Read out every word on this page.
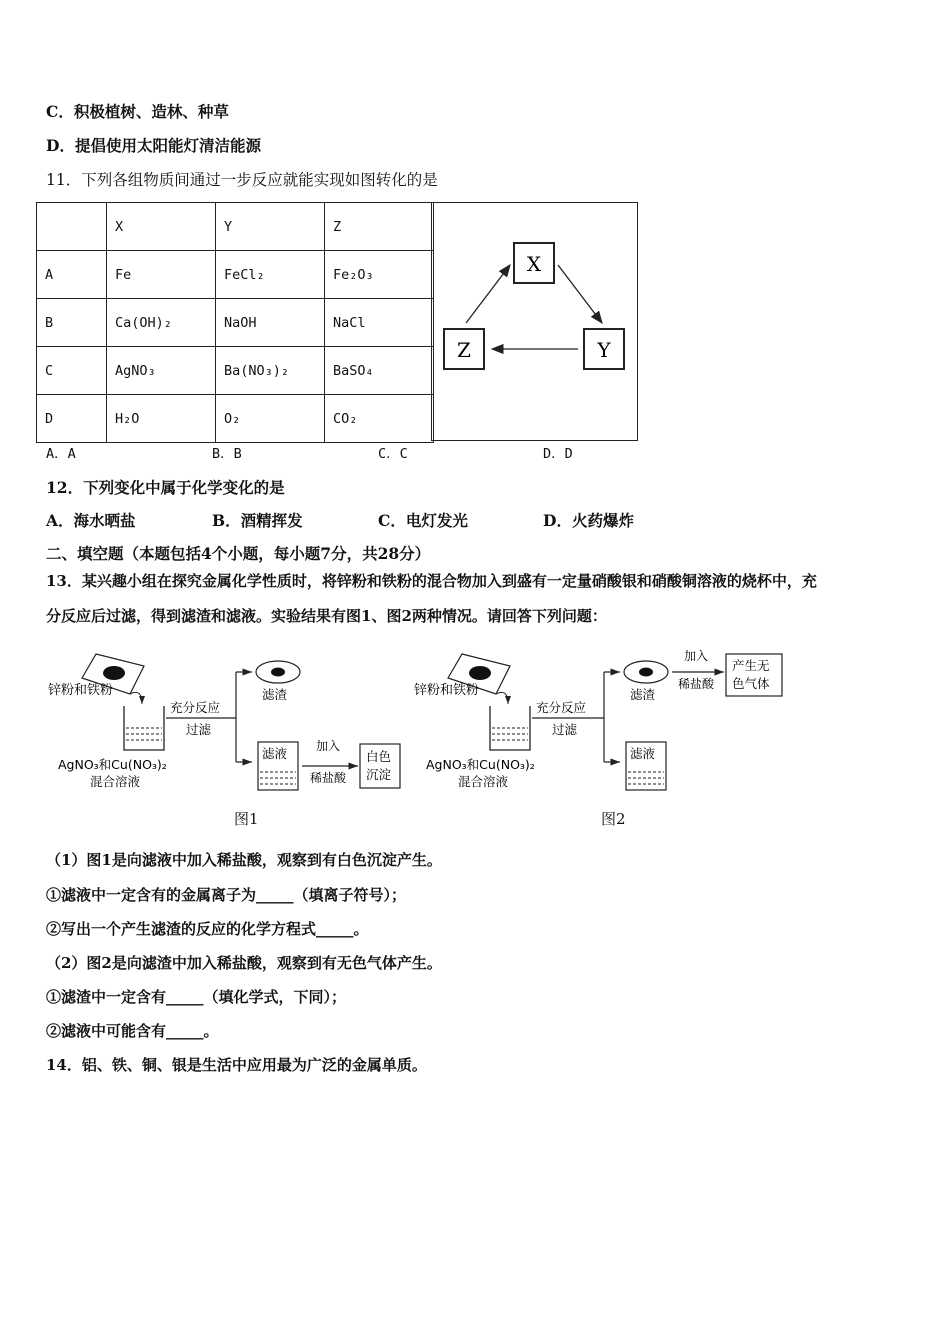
C．积极植树、造林、种草
D．提倡使用太阳能灯清洁能源
11．下列各组物质间通过一步反应就能实现如图转化的是
	X	Y	Z
A	Fe	FeCl₂	Fe₂O₃
B	Ca(OH)₂	NaOH	NaCl
C	AgNO₃	Ba(NO₃)₂	BaSO₄
D	H₂O	O₂	CO₂
X
Y
Z
A．A	B．B	C．C	D．D
12．下列变化中属于化学变化的是
A．海水晒盐	B．酒精挥发	C．电灯发光	D．火药爆炸
二、填空题（本题包括4个小题，每小题7分，共28分）
13．某兴趣小组在探究金属化学性质时，将锌粉和铁粉的混合物加入到盛有一定量硝酸银和硝酸铜溶液的烧杯中，充
分反应后过滤，得到滤渣和滤液。实验结果有图1、图2两种情况。请回答下列问题：
锌粉和铁粉
AgNO₃和Cu(NO₃)₂
混合溶液
充分反应
过滤
滤渣
滤液 加入
稀盐酸
白色
沉淀
图1
锌粉和铁粉
AgNO₃和Cu(NO₃)₂
混合溶液
充分反应
过滤
滤渣
加入
稀盐酸
产生无
色气体
滤液
图2
（1）图1是向滤液中加入稀盐酸，观察到有白色沉淀产生。
①滤液中一定含有的金属离子为_____（填离子符号）；
②写出一个产生滤渣的反应的化学方程式_____。
（2）图2是向滤渣中加入稀盐酸，观察到有无色气体产生。
①滤渣中一定含有_____（填化学式，下同）；
②滤液中可能含有_____。
14．铝、铁、铜、银是生活中应用最为广泛的金属单质。
